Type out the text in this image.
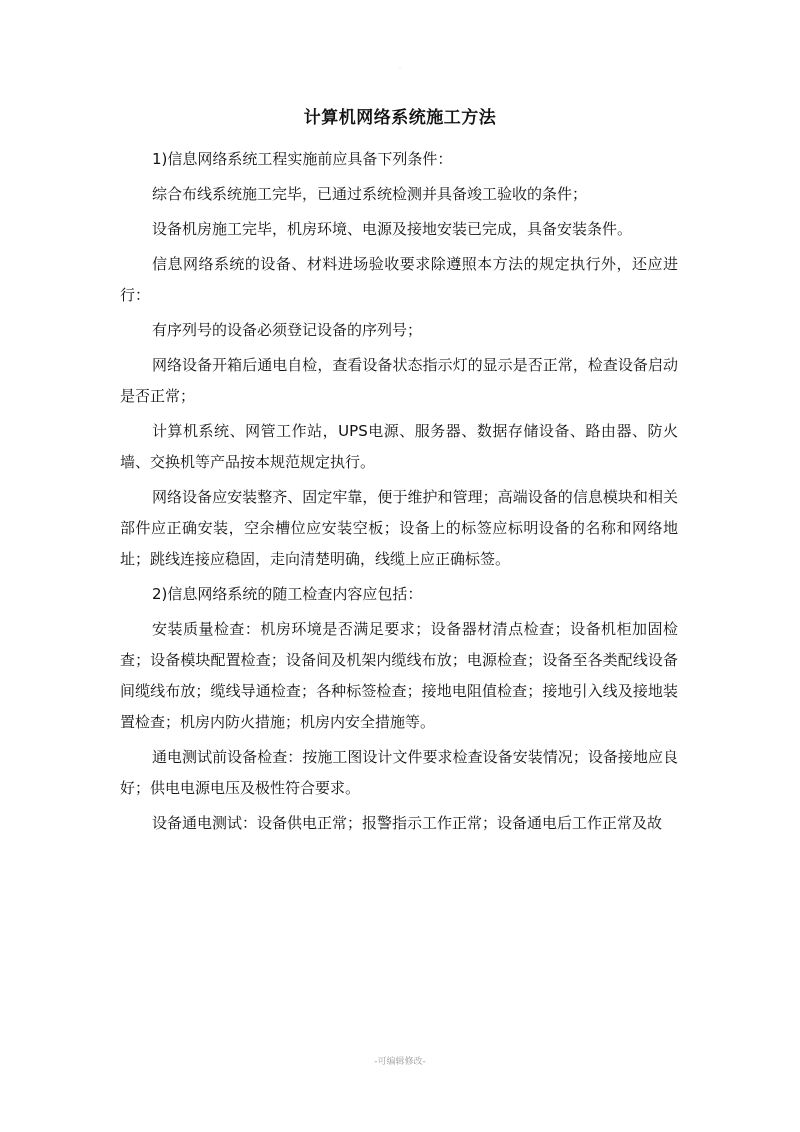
.
计算机网络系统施工方法

1)信息网络系统工程实施前应具备下列条件：

综合布线系统施工完毕，已通过系统检测并具备竣工验收的条件；

设备机房施工完毕，机房环境、电源及接地安装已完成，具备安装条件。

信息网络系统的设备、材料进场验收要求除遵照本方法的规定执行外，还应进行：

有序列号的设备必须登记设备的序列号；

网络设备开箱后通电自检，查看设备状态指示灯的显示是否正常，检查设备启动是否正常；

计算机系统、网管工作站，UPS电源、服务器、数据存储设备、路由器、防火墙、交换机等产品按本规范规定执行。

网络设备应安装整齐、固定牢靠，便于维护和管理；高端设备的信息模块和相关部件应正确安装，空余槽位应安装空板；设备上的标签应标明设备的名称和网络地址；跳线连接应稳固，走向清楚明确，线缆上应正确标签。

2)信息网络系统的随工检查内容应包括：

安装质量检查：机房环境是否满足要求；设备器材清点检查；设备机柜加固检查；设备模块配置检查；设备间及机架内缆线布放；电源检查；设备至各类配线设备间缆线布放；缆线导通检查；各种标签检查；接地电阻值检查；接地引入线及接地装置检查；机房内防火措施；机房内安全措施等。

通电测试前设备检查：按施工图设计文件要求检查设备安装情况；设备接地应良好；供电电源电压及极性符合要求。

设备通电测试：设备供电正常；报警指示工作正常；设备通电后工作正常及故

-可编辑修改-
